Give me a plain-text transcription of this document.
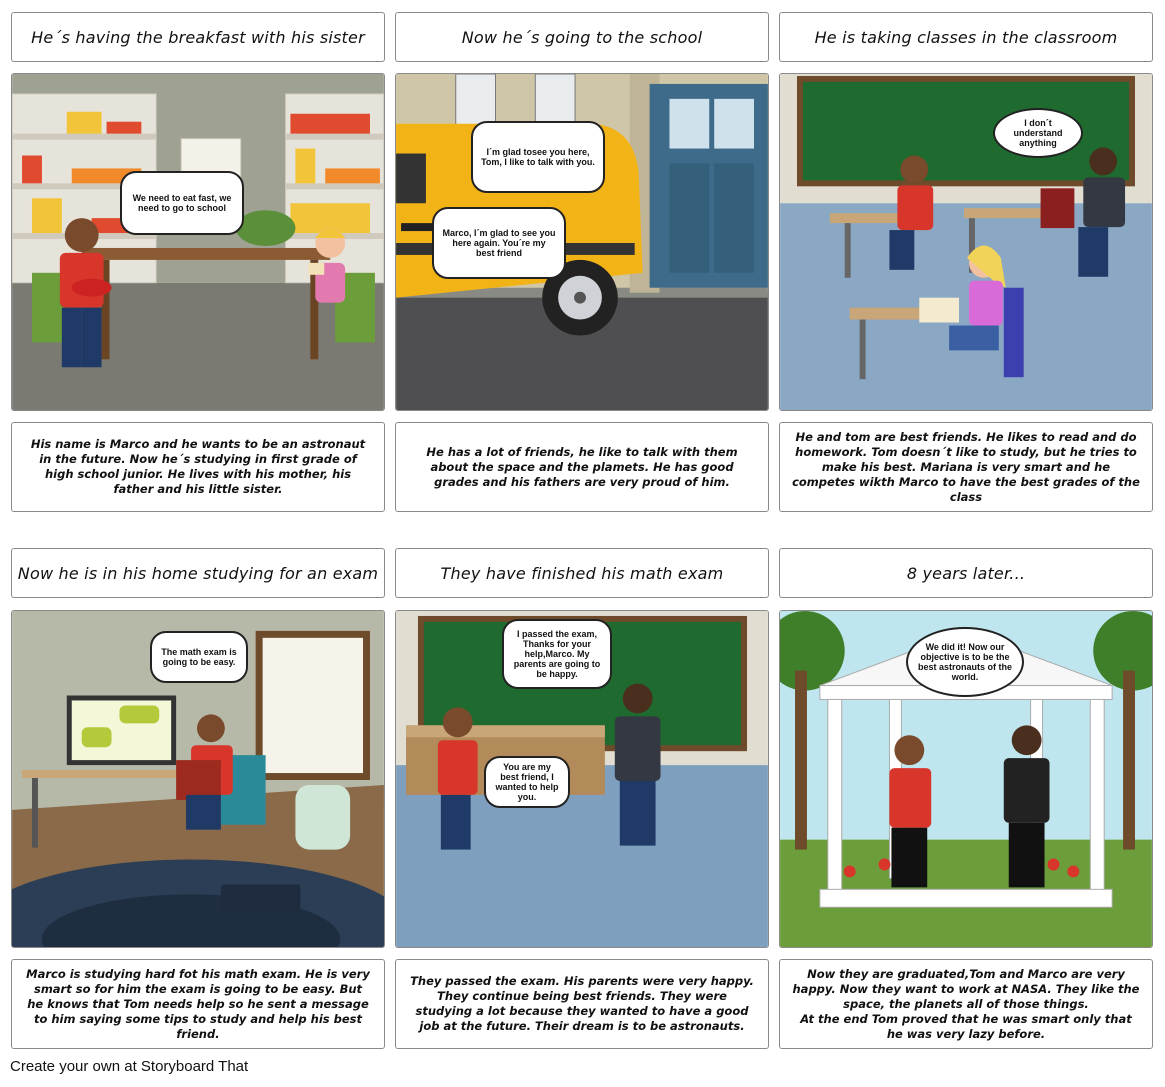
He´s having the breakfast with his sister	Now he´s going to the school	He is taking classes in the classroom
We need to eat fast, we need to go to school
I´m glad tosee you here, Tom, I like to talk with you.
Marco, I´m glad to see you here again. You´re my best friend
I don´t understand anything
His name is Marco and he wants to be an astronaut in the future. Now he´s studying in first grade of high school junior. He lives with his mother, his father and his little sister.
He has a lot of friends, he like to talk with them about the space and the plamets. He has good grades and his fathers are very proud of him.
He and tom are best friends. He likes to read and do homework. Tom doesn´t like to study, but he tries to make his best. Mariana is very smart and he competes wikth Marco to have the best grades of the class
Now he is in his home studying for an exam	They have finished his math exam	8 years later...
The math exam is going to be easy.
I passed the exam, Thanks for your help,Marco. My parents are going to be happy.
You are my best friend, I wanted to help you.
We did it! Now our objective is to be the best astronauts of the world.
Marco is studying hard fot his math exam. He is very smart so for him the exam is going to be easy. But he knows that Tom needs help so he sent a message to him saying some tips to study and help his best friend.
They passed the exam. His parents were very happy. They continue being best friends. They were studying a lot because they wanted to have a good job at the future. Their dream is to be astronauts.
Now they are graduated,Tom and Marco are very happy. Now they want to work at NASA. They like the space, the planets all of those things.
At the end Tom proved that he was smart only that he was very lazy before.
Create your own at Storyboard That
